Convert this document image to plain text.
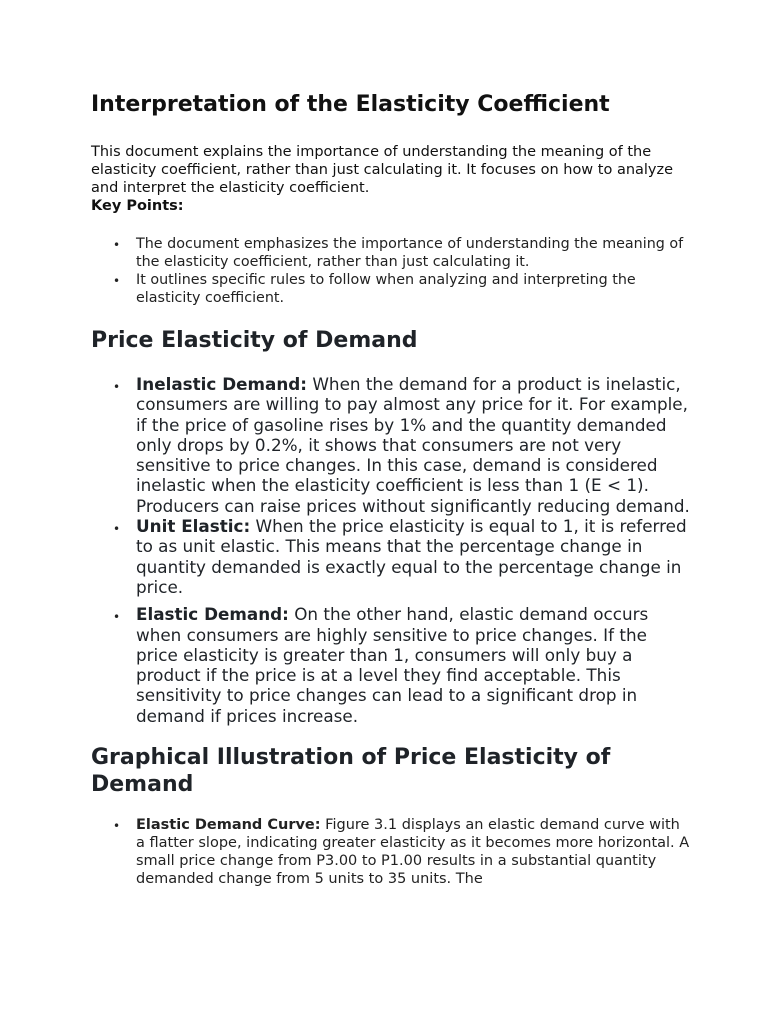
Interpretation of the Elasticity Coefficient

This document explains the importance of understanding the meaning of the elasticity coefficient, rather than just calculating it. It focuses on how to analyze and interpret the elasticity coefficient.
Key Points:

• The document emphasizes the importance of understanding the meaning of the elasticity coefficient, rather than just calculating it.
• It outlines specific rules to follow when analyzing and interpreting the elasticity coefficient.
Price Elasticity of Demand
• Inelastic Demand: When the demand for a product is inelastic, consumers are willing to pay almost any price for it. For example, if the price of gasoline rises by 1% and the quantity demanded only drops by 0.2%, it shows that consumers are not very sensitive to price changes. In this case, demand is considered inelastic when the elasticity coefficient is less than 1 (E < 1). Producers can raise prices without significantly reducing demand.
• Unit Elastic: When the price elasticity is equal to 1, it is referred to as unit elastic. This means that the percentage change in quantity demanded is exactly equal to the percentage change in price.
• Elastic Demand: On the other hand, elastic demand occurs when consumers are highly sensitive to price changes. If the price elasticity is greater than 1, consumers will only buy a product if the price is at a level they find acceptable. This sensitivity to price changes can lead to a significant drop in demand if prices increase.
Graphical Illustration of Price Elasticity of Demand
• Elastic Demand Curve: Figure 3.1 displays an elastic demand curve with a flatter slope, indicating greater elasticity as it becomes more horizontal. A small price change from P3.00 to P1.00 results in a substantial quantity demanded change from 5 units to 35 units. The
